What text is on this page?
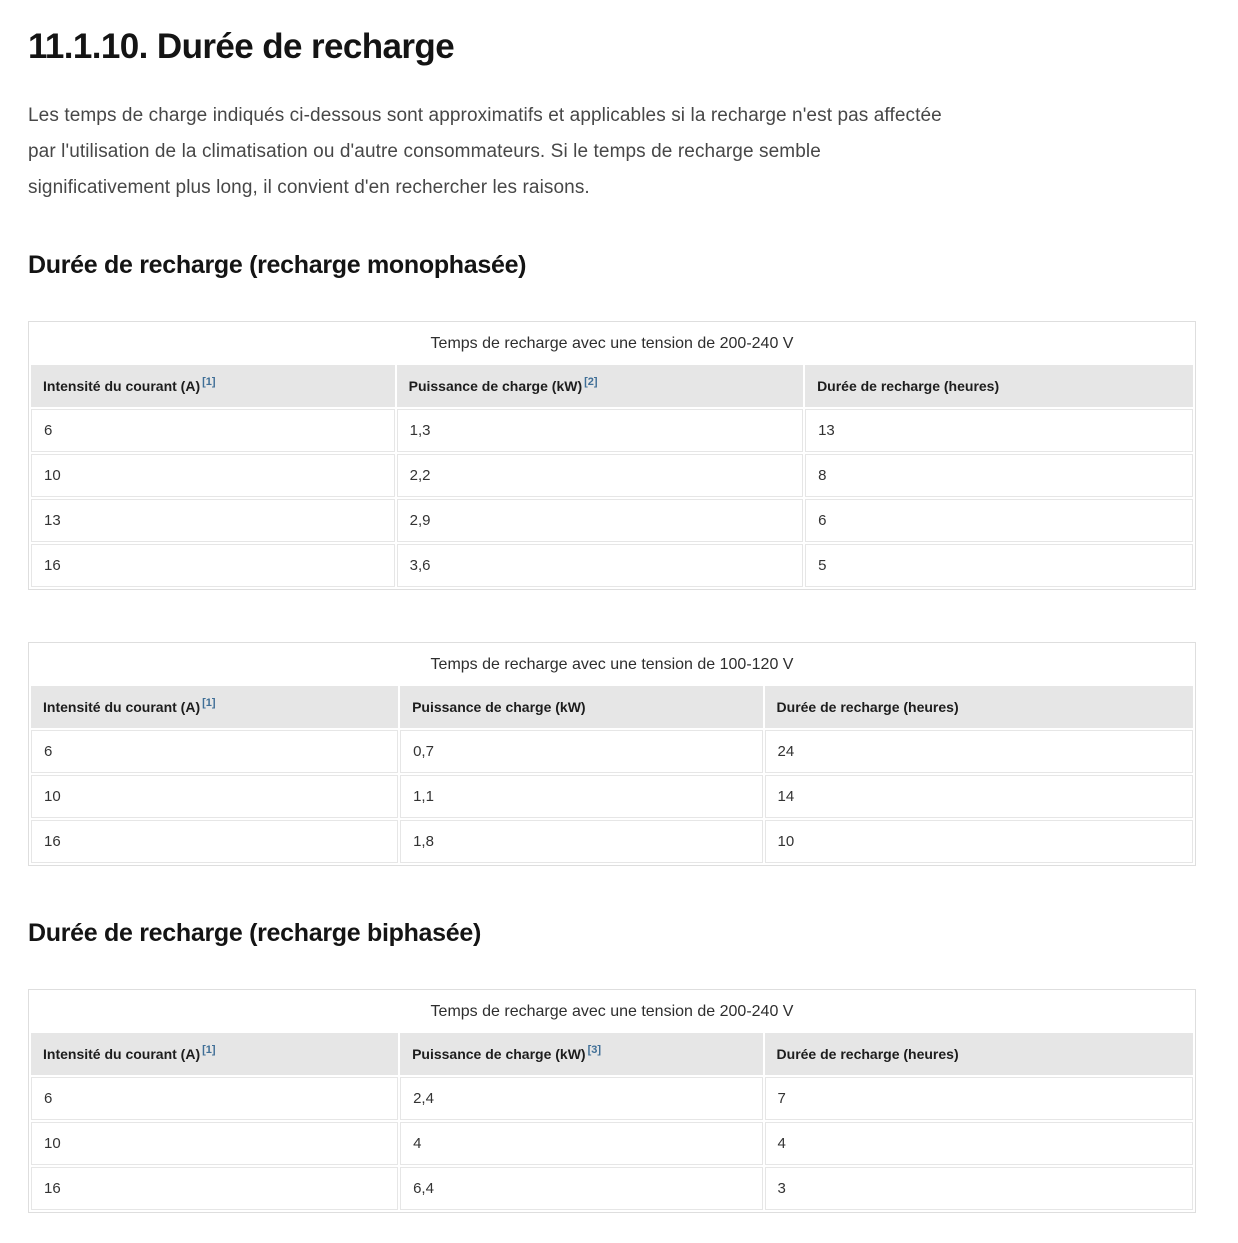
11.1.10. Durée de recharge

Les temps de charge indiqués ci-dessous sont approximatifs et applicables si la recharge n'est pas affectée
par l'utilisation de la climatisation ou d'autre consommateurs. Si le temps de recharge semble
significativement plus long, il convient d'en rechercher les raisons.

Durée de recharge (recharge monophasée)
Temps de recharge avec une tension de 200-240 V		
Intensité du courant (A) [1]	Puissance de charge (kW) [2]	Durée de recharge (heures)
6	1,3	13
10	2,2	8
13	2,9	6
16	3,6	5
Temps de recharge avec une tension de 100-120 V		
Intensité du courant (A) [1]	Puissance de charge (kW)	Durée de recharge (heures)
6	0,7	24
10	1,1	14
16	1,8	10
Durée de recharge (recharge biphasée)
Temps de recharge avec une tension de 200-240 V		
Intensité du courant (A) [1]	Puissance de charge (kW) [3]	Durée de recharge (heures)
6	2,4	7
10	4	4
16	6,4	3
